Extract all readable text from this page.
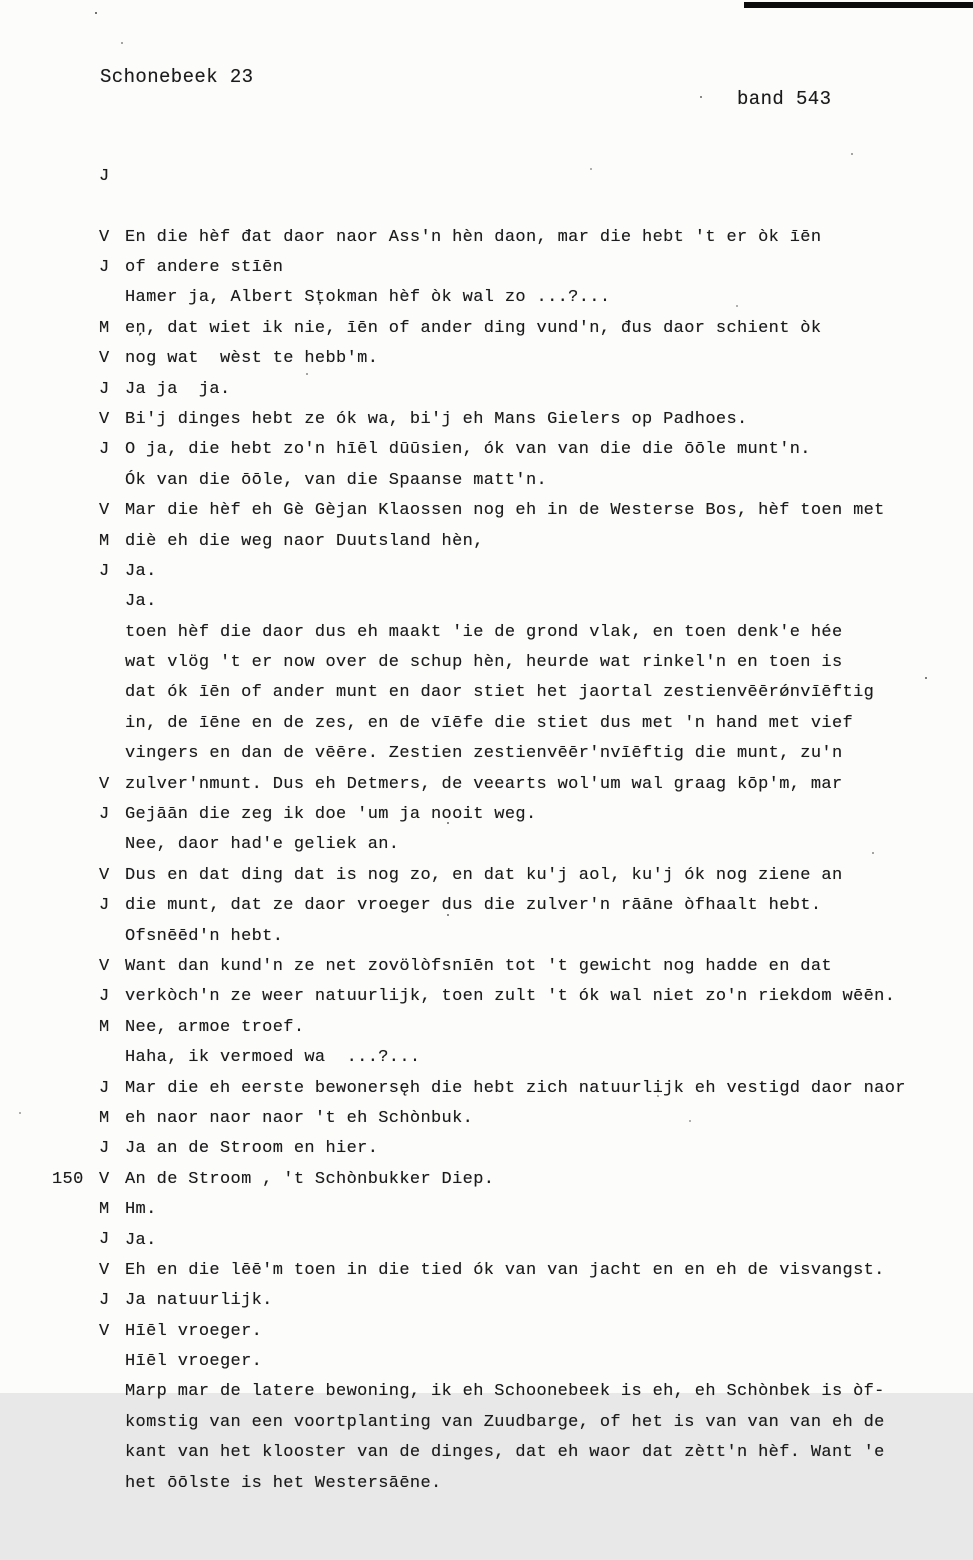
Schonebeek 23

band 543

J

En die hèf đat daor naor Ass'n hèn daon, mar die hebt 't er òk īēn

of andere stīēn

V

Hamer ja, Albert Sțokman hèf òk wal zo ...?...

J

eņ, dat wiet ik nie, īēn of ander ding vund'n, đus daor schient òk

nog wat  wèst te hebb'm.

M

Ja ja  ja.

V

Bi'j dinges hebt ze ók wa, bi'j eh Mans Gielers op Padhoes.

J

O ja, die hebt zo'n hīēl dūūsien, ók van van die die ōōle munt'n.

V

Ók van die ōōle, van die Spaanse matt'n.

J

Mar die hèf eh Gè Gèjan Klaossen nog eh in de Westerse Bos, hèf toen met

diè eh die weg naor Duutsland hèn,

V

Ja.

M

Ja.

J

toen hèf die daor dus eh maakt 'ie de grond vlak, en toen denk'e hée

wat vlög 't er now over de schup hèn, heurde wat rinkel'n en toen is

dat ók īēn of ander munt en daor stiet het jaortal zestienvēērǿnvīēftig

in, de īēne en de zes, en de vīēfe die stiet dus met 'n hand met vief

vingers en dan de vēēre. Zestien zestienvēēr'nvīēftig die munt, zu'n

zulver'nmunt. Dus eh Detmers, de veearts wol'um wal graag kōp'm, mar

Gejāān die zeg ik doe 'um ja nooit weg.

V

Nee, daor had'e geliek an.

J

Dus en dat ding dat is nog zo, en dat ku'j aol, ku'j ók nog ziene an

die munt, dat ze daor vroeger dus die zulver'n rāāne òfhaalt hebt.

V

Ofsnēēd'n hebt.

J

Want dan kund'n ze net zovölòfsnīēn tot 't gewicht nog hadde en dat

verkòch'n ze weer natuurlijk, toen zult 't ók wal niet zo'n riekdom wēēn.

V

Nee, armoe troef.

J

Haha, ik vermoed wa  ...?...

M

Mar die eh eerste bewonersęh die hebt zich natuurlijk eh vestigd daor naor

eh naor naor naor 't eh Schònbuk.

J

Ja an de Stroom en hier.

M

An de Stroom , 't Schònbukker Diep.

J

Hm.

V

Ja.

150

M

Eh en die lēē'm toen in die tied ók van van jacht en en eh de visvangst.

J

Ja natuurlijk.

V

Hīēl vroeger.

J

Hīēl vroeger.

V

Marp mar de latere bewoning, ik eh Schoonebeek is eh, eh Schònbek is òf-

komstig van een voortplanting van Zuudbarge, of het is van van van eh de

kant van het klooster van de dinges, dat eh waor dat zètt'n hèf. Want 'e

het ōōlste is het Westersāēne.
